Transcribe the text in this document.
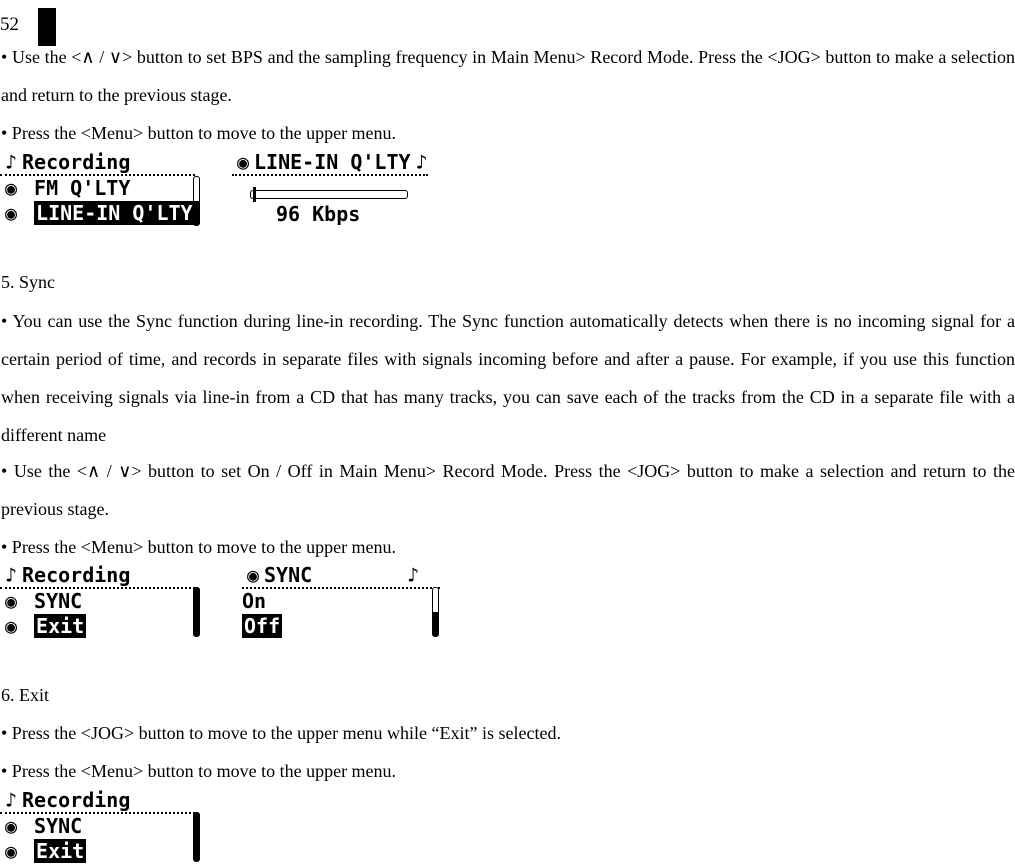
52

• Use the <∧ / ∨> button to set BPS and the sampling frequency in Main Menu> Record Mode. Press the <JOG> button to make a selection and return to the previous stage.

• Press the <Menu> button to move to the upper menu.

♪ Recording
◉ FM Q'LTY
◉ LINE-IN Q'LTY
◉ LINE-IN Q'LTY ♪
96 Kbps

5. Sync

• You can use the Sync function during line-in recording. The Sync function automatically detects when there is no incoming signal for a certain period of time, and records in separate files with signals incoming before and after a pause. For example, if you use this function when receiving signals via line-in from a CD that has many tracks, you can save each of the tracks from the CD in a separate file with a different name

• Use the <∧ / ∨> button to set On / Off in Main Menu> Record Mode. Press the <JOG> button to make a selection and return to the previous stage.

• Press the <Menu> button to move to the upper menu.

♪ Recording
◉ SYNC
◉ Exit
◉ SYNC	♪
On
Off

6. Exit

• Press the <JOG> button to move to the upper menu while “Exit” is selected.

• Press the <Menu> button to move to the upper menu.

♪ Recording
◉ SYNC
◉ Exit
